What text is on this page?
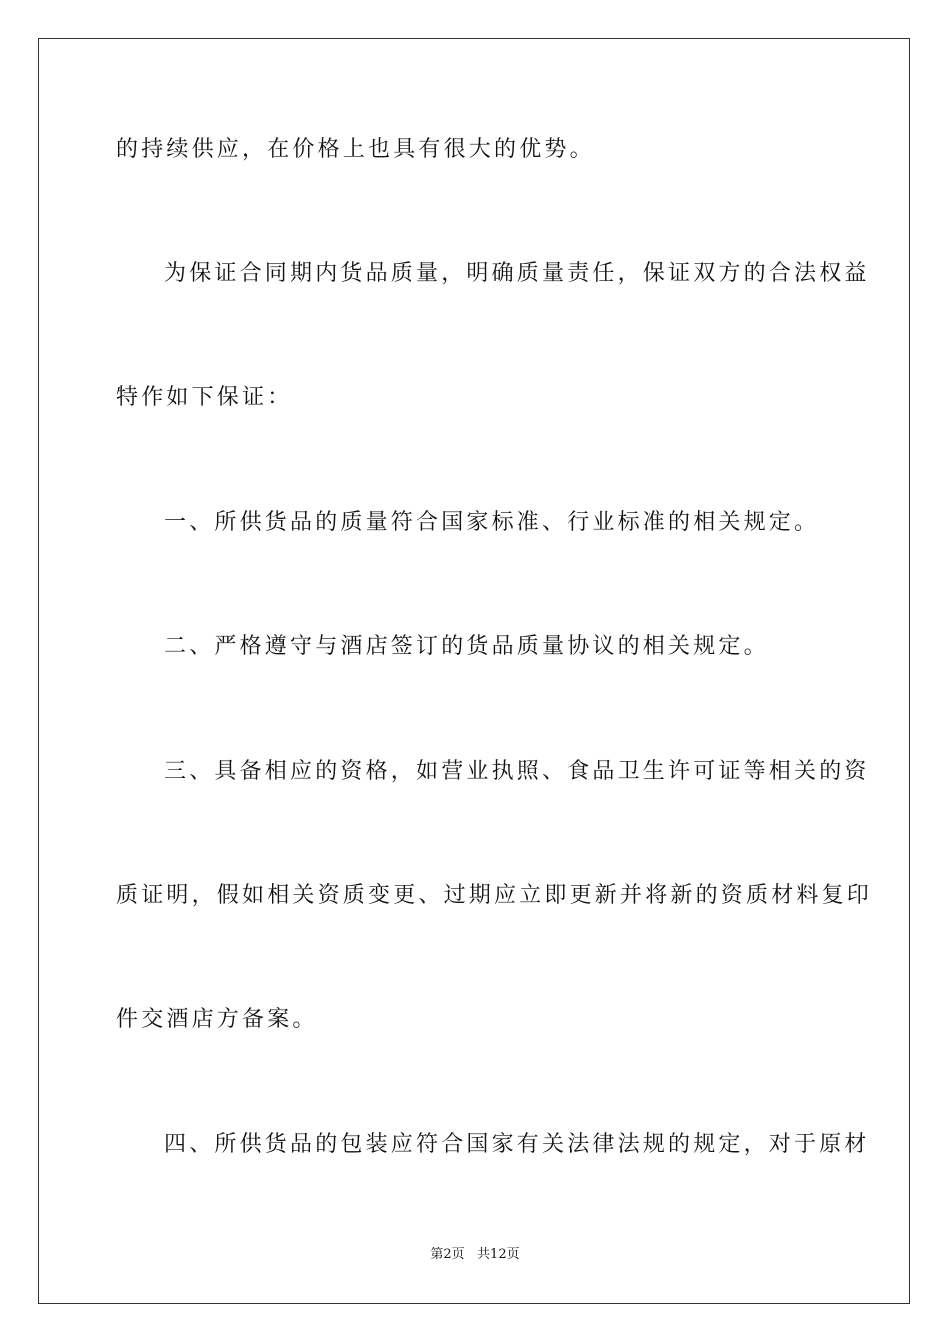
的持续供应，在价格上也具有很大的优势。
为保证合同期内货品质量，明确质量责任，保证双方的合法权益
特作如下保证：
一、所供货品的质量符合国家标准、行业标准的相关规定。
二、严格遵守与酒店签订的货品质量协议的相关规定。
三、具备相应的资格，如营业执照、食品卫生许可证等相关的资
质证明，假如相关资质变更、过期应立即更新并将新的资质材料复印
件交酒店方备案。
四、所供货品的包装应符合国家有关法律法规的规定，对于原材
第2页   共12页
